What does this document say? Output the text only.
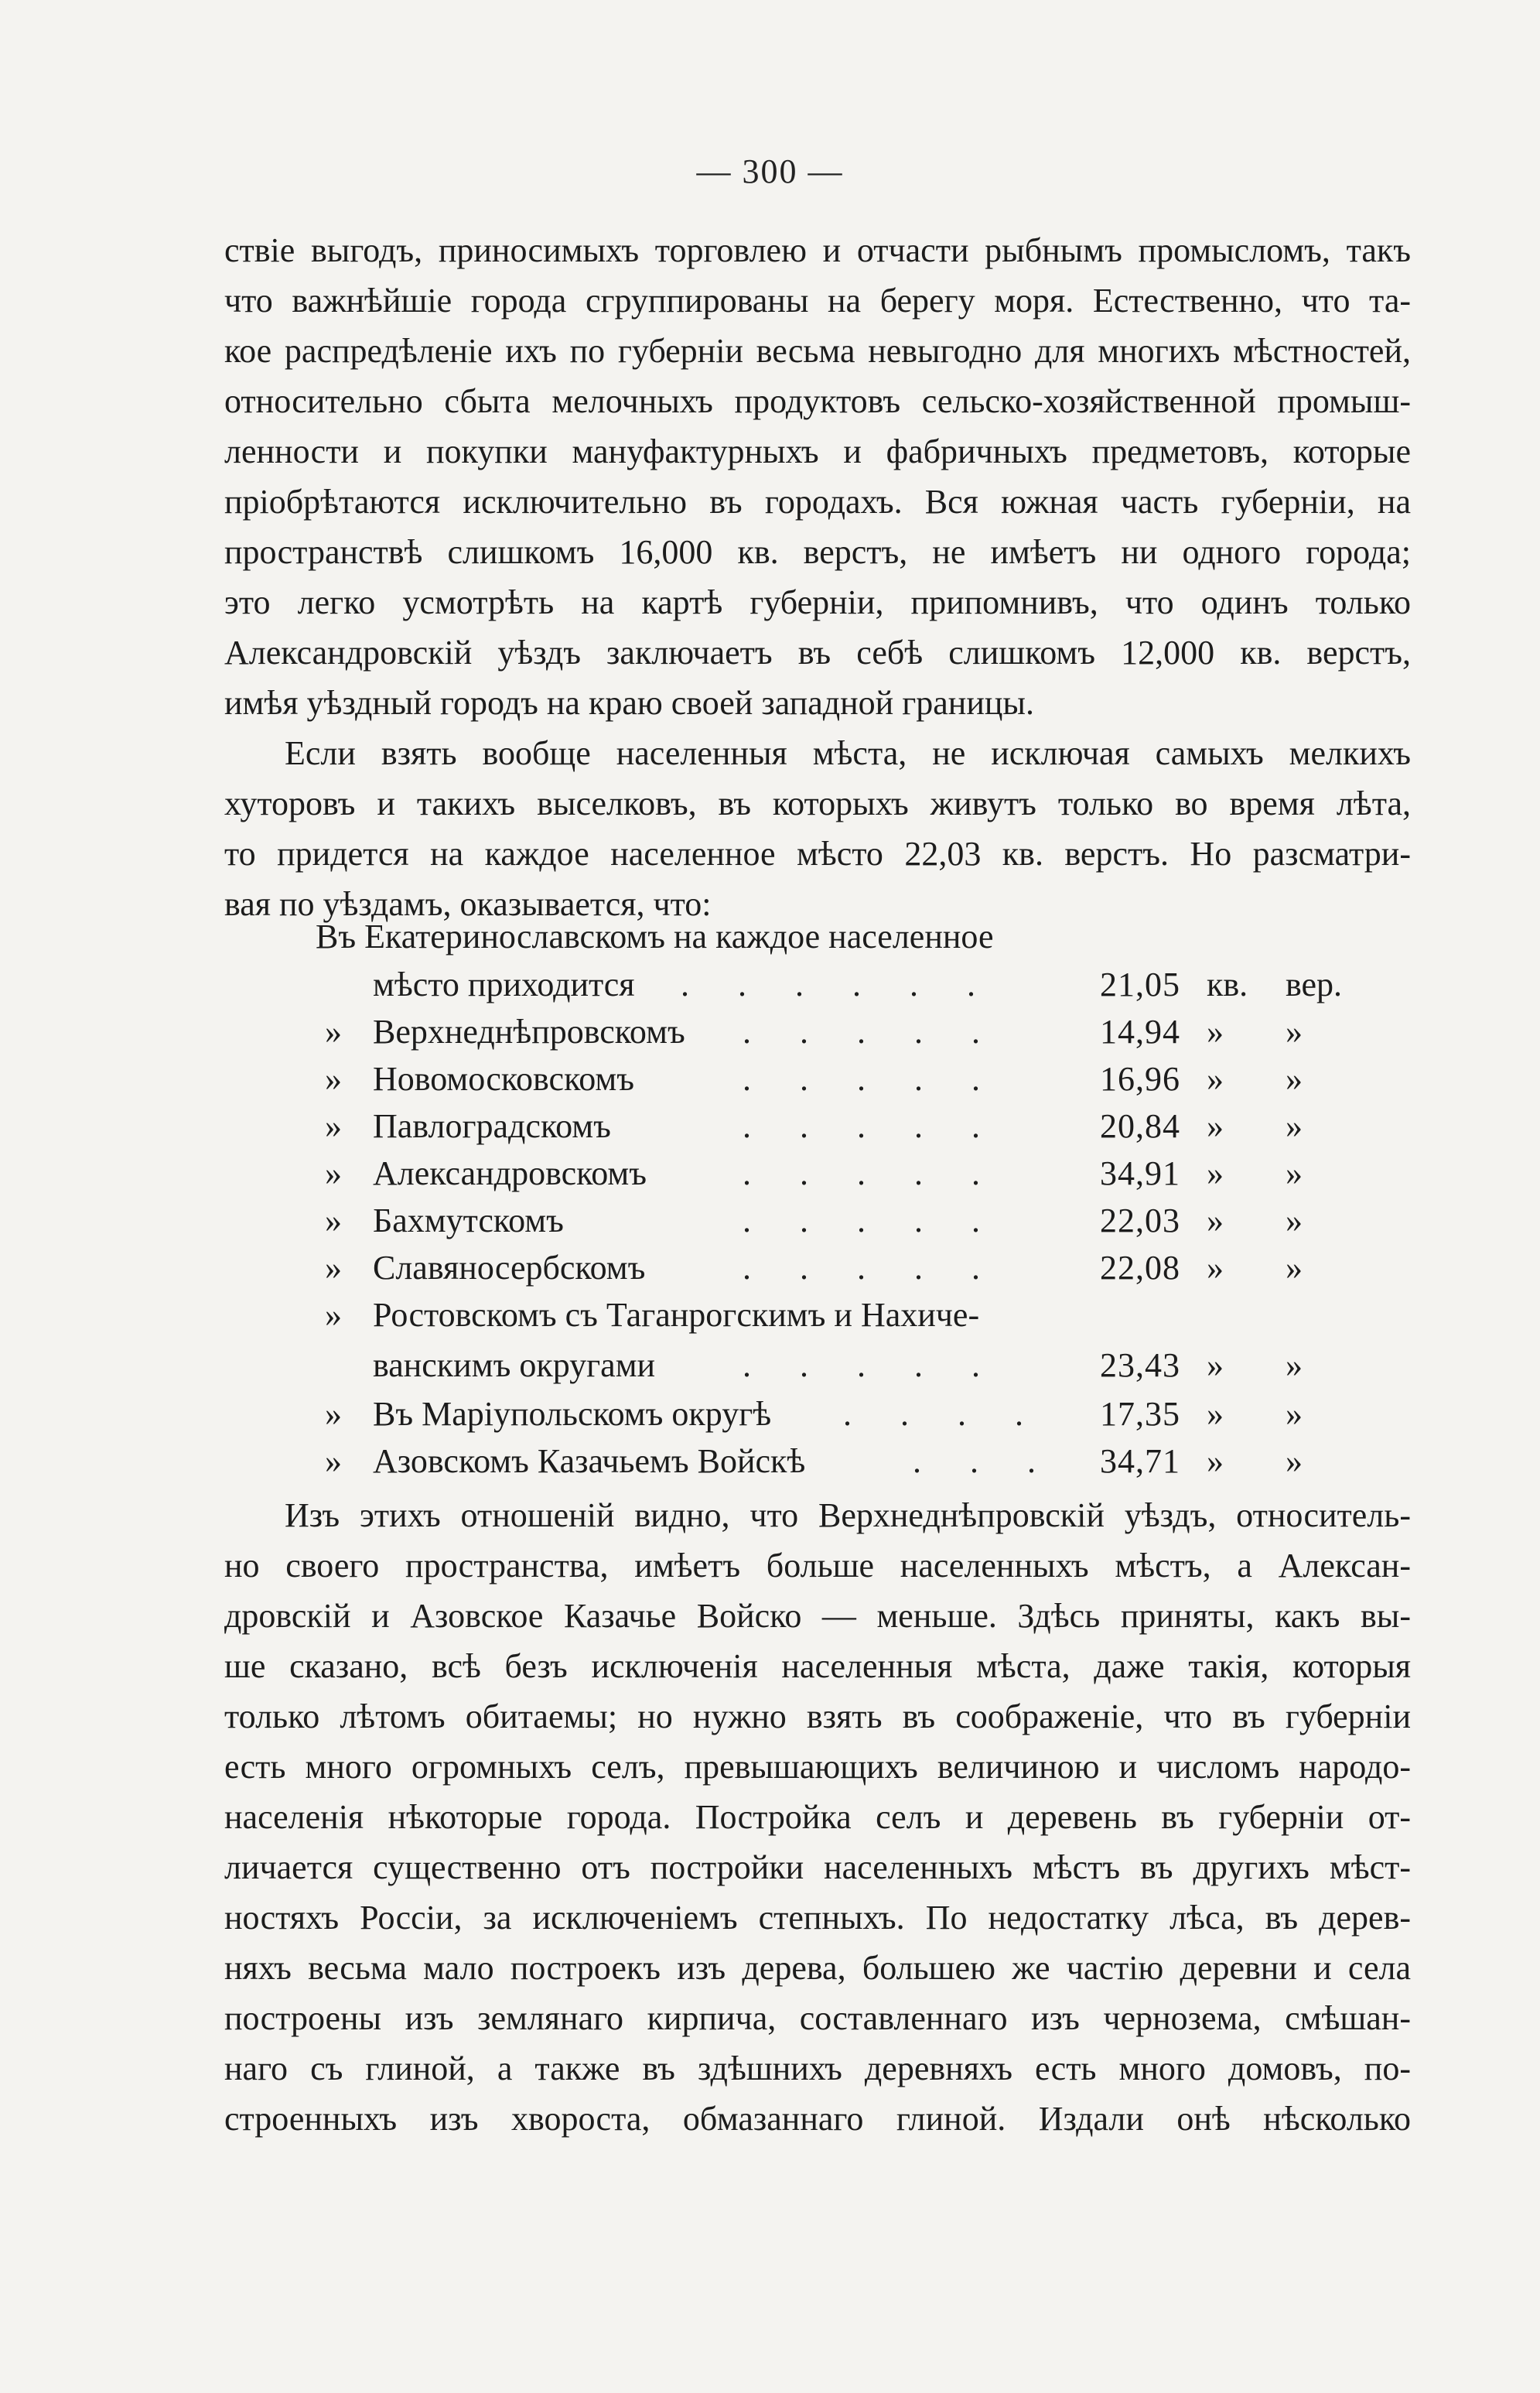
— 300 —
ствіе выгодъ, приносимыхъ торговлею и отчасти рыбнымъ промысломъ, такъ
что важнѣйшіе города сгруппированы на берегу моря. Естественно, что та-
кое распредѣленіе ихъ по губерніи весьма невыгодно для многихъ мѣстностей,
относительно сбыта мелочныхъ продуктовъ сельско-хозяйственной промыш-
ленности и покупки мануфактурныхъ и фабричныхъ предметовъ, которые
пріобрѣтаются исключительно въ городахъ. Вся южная часть губерніи, на
пространствѣ слишкомъ 16,000 кв. верстъ, не имѣетъ ни одного города;
это легко усмотрѣть на картѣ губерніи, припомнивъ, что одинъ только
Александровскій уѣздъ заключаетъ въ себѣ слишкомъ 12,000 кв. верстъ,
имѣя уѣздный городъ на краю своей западной границы.
Если взять вообще населенныя мѣста, не исключая самыхъ мелкихъ
хуторовъ и такихъ выселковъ, въ которыхъ живутъ только во время лѣта,
то придется на каждое населенное мѣсто 22,03 кв. верстъ. Но разсматри-
вая по уѣздамъ, оказывается, что:
Въ Екатеринославскомъ на каждое населенное
мѣсто приходится . . . . . .	21,05 кв. вер.
» Верхнеднѣпровскомъ . . . . .	14,94 » »
» Новомосковскомъ	. . . . .	16,96 » »
» Павлоградскомъ	. . . . .	20,84 » »
» Александровскомъ	. . . . .	34,91 » »
» Бахмутскомъ	. . . . .	22,03 » »
» Славяносербскомъ	. . . . .	22,08 » »
» Ростовскомъ съ Таганрогскимъ и Нахиче-
ванскимъ округами	. . . . .	23,43 » »
» Въ Маріупольскомъ округѣ . . . .	17,35 » »
» Азовскомъ Казачьемъ Войскѣ	. . .	34,71 » »
Изъ этихъ отношеній видно, что Верхнеднѣпровскій уѣздъ, относитель-
но своего пространства, имѣетъ больше населенныхъ мѣстъ, а Алексан-
дровскій и Азовское Казачье Войско — меньше. Здѣсь приняты, какъ вы-
ше сказано, всѣ безъ исключенія населенныя мѣста, даже такія, которыя
только лѣтомъ обитаемы; но нужно взять въ соображеніе, что въ губерніи
есть много огромныхъ селъ, превышающихъ величиною и числомъ народо-
населенія нѣкоторые города. Постройка селъ и деревень въ губерніи от-
личается существенно отъ постройки населенныхъ мѣстъ въ другихъ мѣст-
ностяхъ Россіи, за исключеніемъ степныхъ. По недостатку лѣса, въ дерев-
няхъ весьма мало построекъ изъ дерева, большею же частію деревни и села
построены изъ землянаго кирпича, составленнаго изъ чернозема, смѣшан-
наго съ глиной, а также въ здѣшнихъ деревняхъ есть много домовъ, по-
строенныхъ изъ хвороста, обмазаннаго глиной. Издали онѣ нѣсколько
